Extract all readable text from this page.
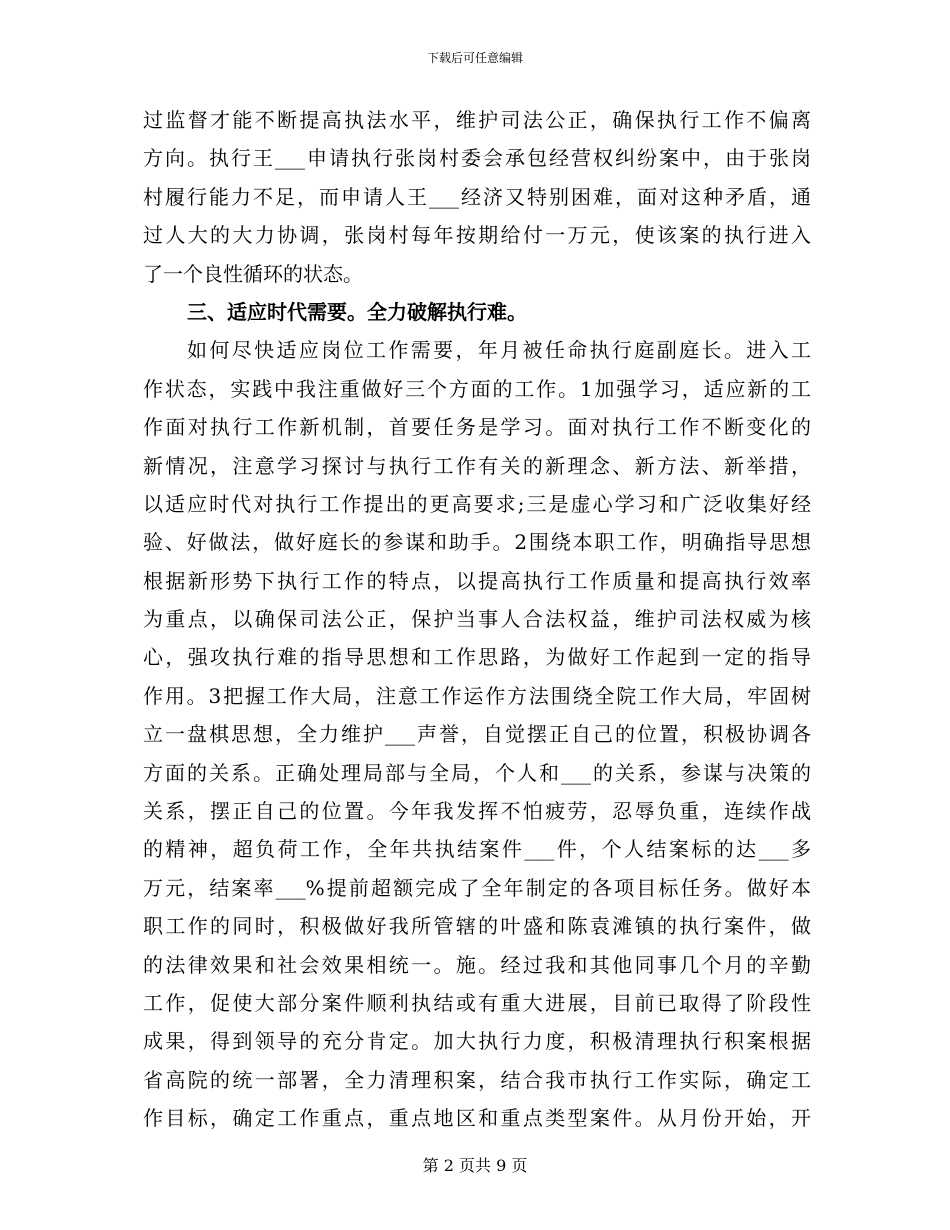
下载后可任意编辑
过监督才能不断提高执法水平，维护司法公正，确保执行工作不偏离
方向。执行王___申请执行张岗村委会承包经营权纠纷案中，由于张岗
村履行能力不足，而申请人王___经济又特别困难，面对这种矛盾，通
过人大的大力协调，张岗村每年按期给付一万元，使该案的执行进入
了一个良性循环的状态。
三、适应时代需要。全力破解执行难。
如何尽快适应岗位工作需要，年月被任命执行庭副庭长。进入工
作状态，实践中我注重做好三个方面的工作。1加强学习，适应新的工
作面对执行工作新机制，首要任务是学习。面对执行工作不断变化的
新情况，注意学习探讨与执行工作有关的新理念、新方法、新举措，
以适应时代对执行工作提出的更高要求;三是虚心学习和广泛收集好经
验、好做法，做好庭长的参谋和助手。2围绕本职工作，明确指导思想
根据新形势下执行工作的特点，以提高执行工作质量和提高执行效率
为重点，以确保司法公正，保护当事人合法权益，维护司法权威为核
心，强攻执行难的指导思想和工作思路，为做好工作起到一定的指导
作用。3把握工作大局，注意工作运作方法围绕全院工作大局，牢固树
立一盘棋思想，全力维护___声誉，自觉摆正自己的位置，积极协调各
方面的关系。正确处理局部与全局，个人和___的关系，参谋与决策的
关系，摆正自己的位置。今年我发挥不怕疲劳，忍辱负重，连续作战
的精神，超负荷工作，全年共执结案件___件，个人结案标的达___多
万元，结案率___%提前超额完成了全年制定的各项目标任务。做好本
职工作的同时，积极做好我所管辖的叶盛和陈袁滩镇的执行案件，做
的法律效果和社会效果相统一。施。经过我和其他同事几个月的辛勤
工作，促使大部分案件顺利执结或有重大进展，目前已取得了阶段性
成果，得到领导的充分肯定。加大执行力度，积极清理执行积案根据
省高院的统一部署，全力清理积案，结合我市执行工作实际，确定工
作目标，确定工作重点，重点地区和重点类型案件。从月份开始，开
第 2 页共 9 页
